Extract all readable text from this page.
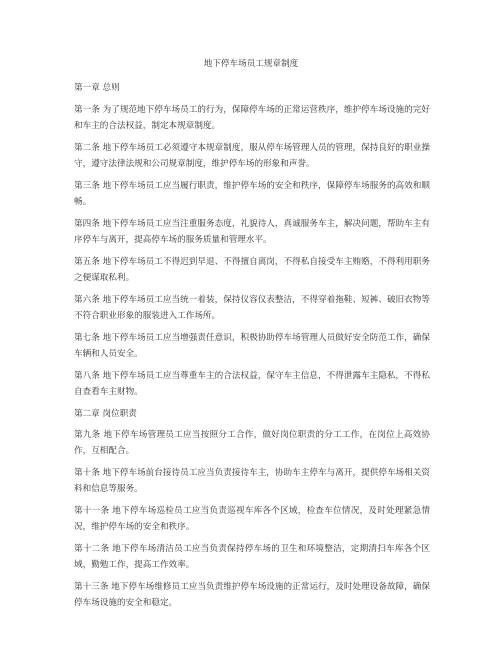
地下停车场员工规章制度
第一章 总则
第一条 为了规范地下停车场员工的行为，保障停车场的正常运营秩序，维护停车场设施的完好和车主的合法权益，制定本规章制度。
第二条 地下停车场员工必须遵守本规章制度，服从停车场管理人员的管理，保持良好的职业操守，遵守法律法规和公司规章制度，维护停车场的形象和声誉。
第三条 地下停车场员工应当履行职责，维护停车场的安全和秩序，保障停车场服务的高效和顺畅。
第四条 地下停车场员工应当注重服务态度，礼貌待人，真诚服务车主，解决问题，帮助车主有序停车与离开，提高停车场的服务质量和管理水平。
第五条 地下停车场员工不得迟到早退、不得擅自离岗，不得私自接受车主贿赂，不得利用职务之便谋取私利。
第六条 地下停车场员工应当统一着装，保持仪容仪表整洁，不得穿着拖鞋、短裤、破旧衣物等不符合职业形象的服装进入工作场所。
第七条 地下停车场员工应当增强责任意识，积极协助停车场管理人员做好安全防范工作，确保车辆和人员安全。
第八条 地下停车场员工应当尊重车主的合法权益，保守车主信息，不得泄露车主隐私，不得私自查看车主财物。
第二章 岗位职责
第九条 地下停车场管理员工应当按照分工合作，做好岗位职责的分工工作，在岗位上高效协作，互相配合。
第十条 地下停车场前台接待员工应当负责接待车主，协助车主停车与离开，提供停车场相关资料和信息等服务。
第十一条 地下停车场巡检员工应当负责巡视车库各个区域，检查车位情况，及时处理紧急情况，维护停车场的安全和秩序。
第十二条 地下停车场清洁员工应当负责保持停车场的卫生和环境整洁，定期清扫车库各个区域，勤勉工作，提高工作效率。
第十三条 地下停车场维修员工应当负责维护停车场设施的正常运行，及时处理设备故障，确保停车场设施的安全和稳定。
